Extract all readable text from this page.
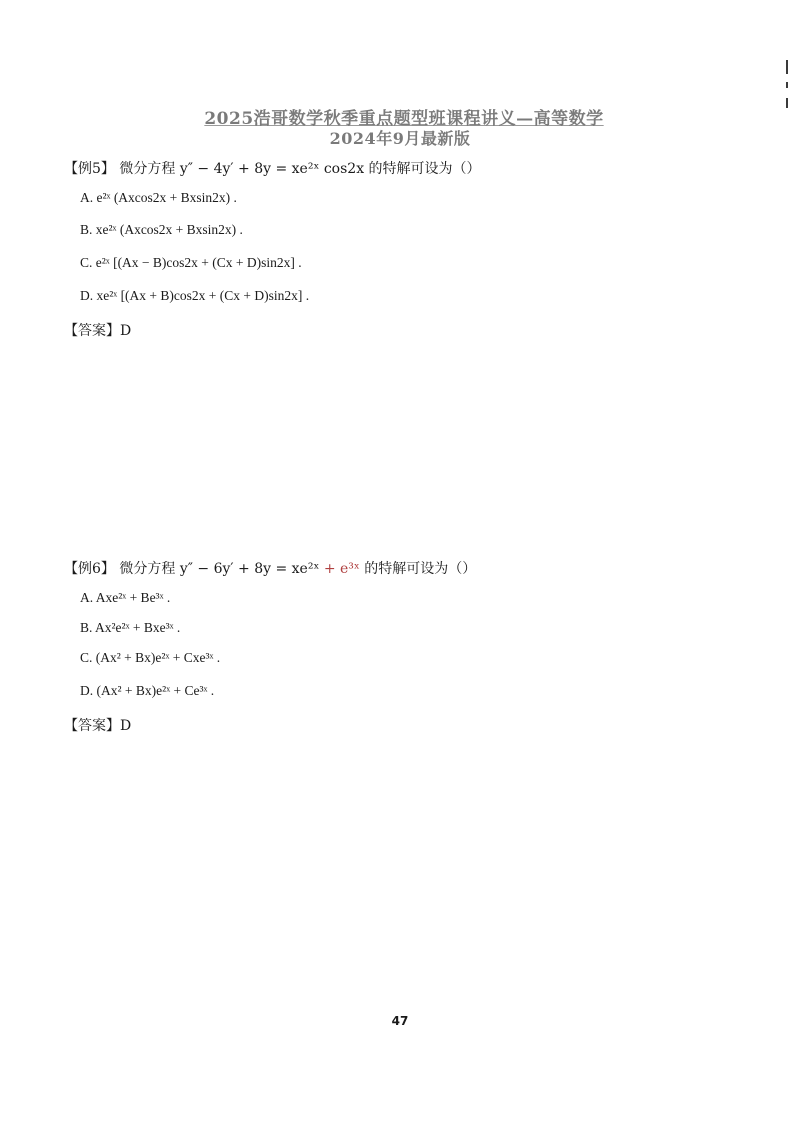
2025浩哥数学秋季重点题型班课程讲义—高等数学
2024年9月最新版
【例5】 微分方程 y″ − 4y′ + 8y = xe²ˣ cos2x 的特解可设为（）
A. e²ˣ (Axcos2x + Bxsin2x) .
B. xe²ˣ (Axcos2x + Bxsin2x) .
C. e²ˣ [(Ax − B)cos2x + (Cx + D)sin2x] .
D. xe²ˣ [(Ax + B)cos2x + (Cx + D)sin2x] .
【答案】D
【例6】 微分方程 y″ − 6y′ + 8y = xe²ˣ + e³ˣ 的特解可设为（）
A. Axe²ˣ + Be³ˣ .
B. Ax²e²ˣ + Bxe³ˣ .
C. (Ax² + Bx)e²ˣ + Cxe³ˣ .
D. (Ax² + Bx)e²ˣ + Ce³ˣ .
【答案】D
47
